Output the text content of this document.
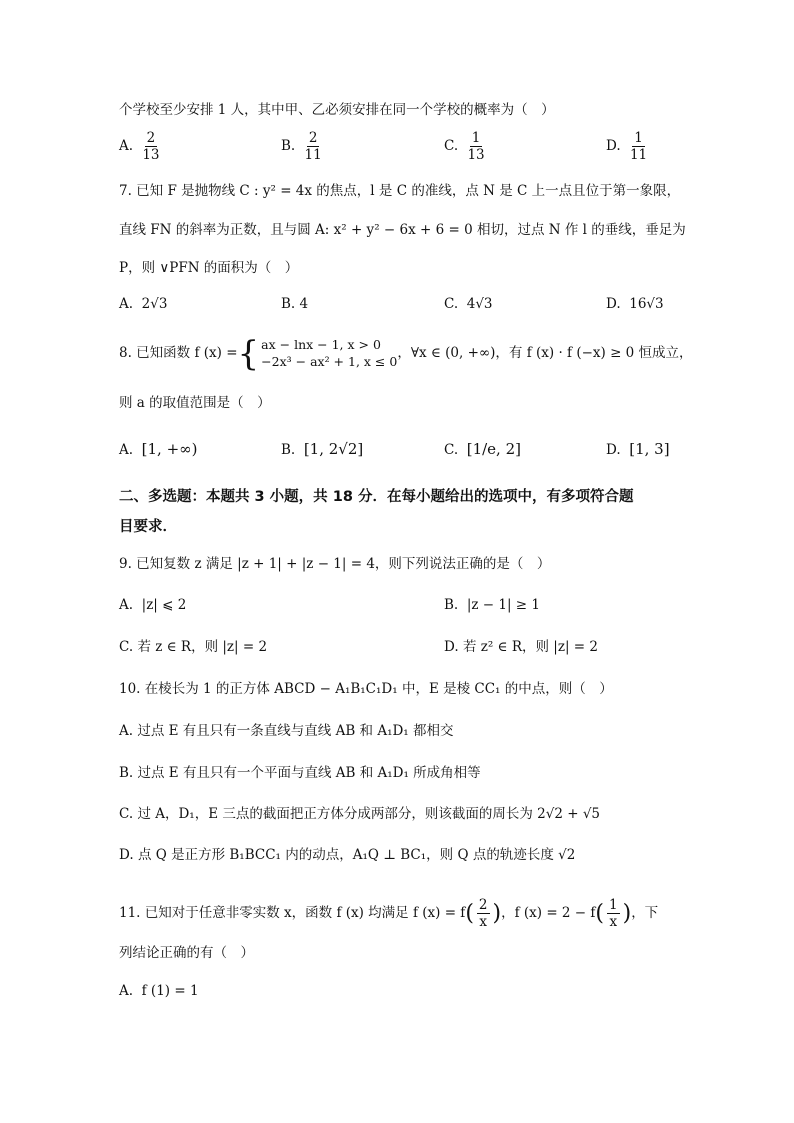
个学校至少安排 1 人，其中甲、乙必须安排在同一个学校的概率为（　）
A. $\frac{2}{13}$	B. $\frac{2}{11}$	C. $\frac{1}{13}$	D. $\frac{1}{11}$
7. 已知 F 是抛物线 C : y² = 4x 的焦点，l 是 C 的准线，点 N 是 C 上一点且位于第一象限，
直线 FN 的斜率为正数，且与圆 A: x² + y² − 6x + 6 = 0 相切，过点 N 作 l 的垂线，垂足为
P，则 ∨PFN 的面积为（　）
A. 2√3	B. 4	C. 4√3	D. 16√3
8. 已知函数 f (x) = { ax − lnx − 1, x > 0
−2x³ − ax² + 1, x ≤ 0
，∀x ∈ (0, +∞)，有 f (x) · f (−x) ≥ 0 恒成立，
则 a 的取值范围是（　）
A. [1, +∞)	B. [1, 2√2]	C. [1/e, 2]	D. [1, 3]
二、多选题：本题共 3 小题，共 18 分．在每小题给出的选项中，有多项符合题
目要求．
9. 已知复数 z 满足 |z + 1| + |z − 1| = 4，则下列说法正确的是（　）
A. |z| ⩽ 2	B. |z − 1| ≥ 1
C. 若 z ∈ R，则 |z| = 2	D. 若 z² ∈ R，则 |z| = 2
10. 在棱长为 1 的正方体 ABCD − A₁B₁C₁D₁ 中，E 是棱 CC₁ 的中点，则（　）
A. 过点 E 有且只有一条直线与直线 AB 和 A₁D₁ 都相交
B. 过点 E 有且只有一个平面与直线 AB 和 A₁D₁ 所成角相等
C. 过 A，D₁，E 三点的截面把正方体分成两部分，则该截面的周长为 2√2 + √5
D. 点 Q 是正方形 B₁BCC₁ 内的动点，A₁Q ⊥ BC₁，则 Q 点的轨迹长度 √2
11. 已知对于任意非零实数 x，函数 f (x) 均满足 f (x) = f ( $\frac{2}{x}$ ) ，f (x) = 2 − f ( $\frac{1}{x}$ ) ，下
列结论正确的有（　）
A. f (1) = 1
